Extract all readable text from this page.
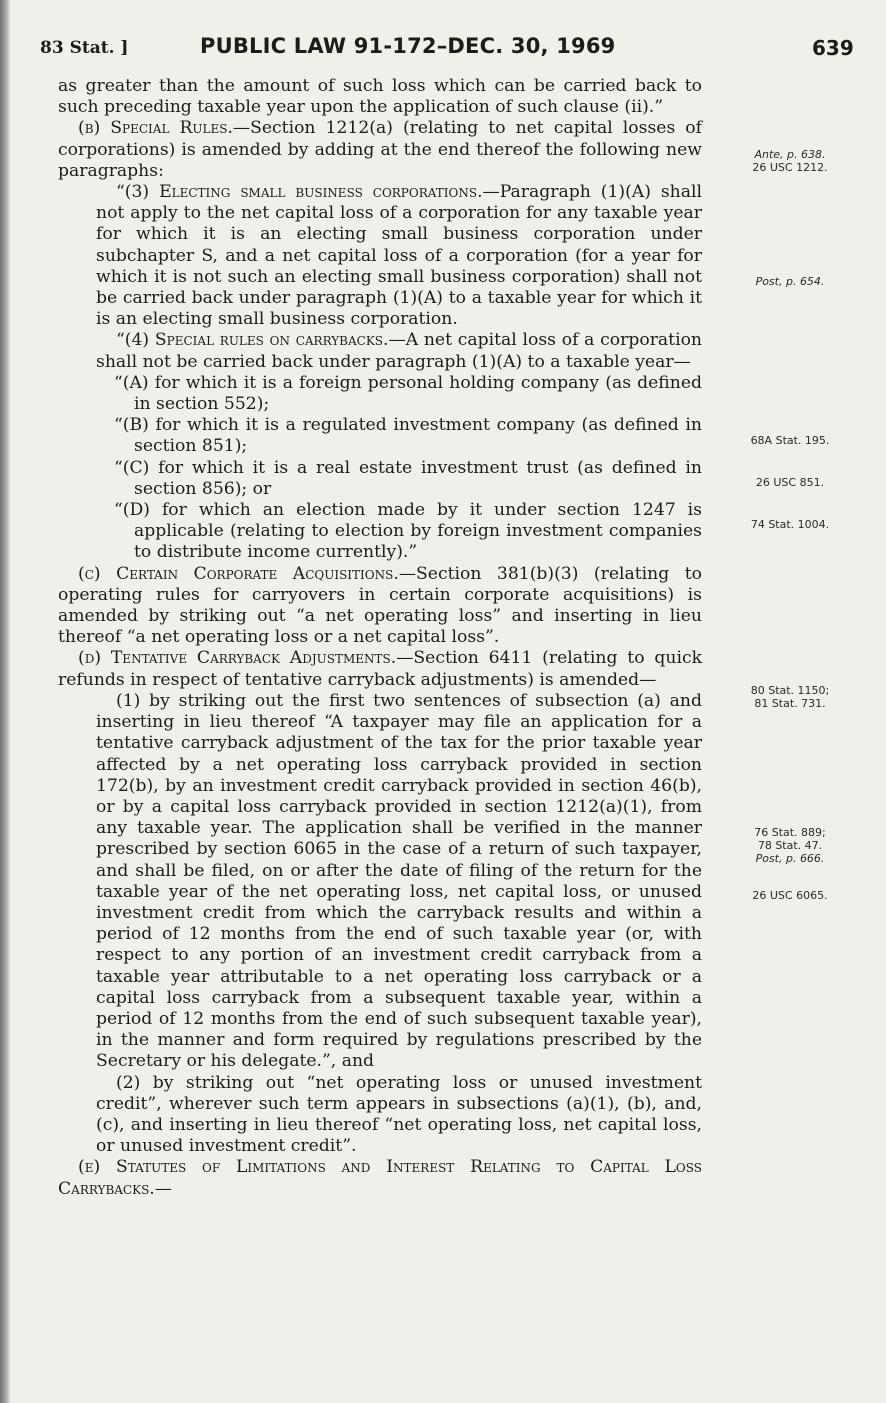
83 Stat. ]	PUBLIC LAW 91-172–DEC. 30, 1969	639

as greater than the amount of such loss which can be carried back to such preceding taxable year upon the application of such clause (ii).”

(b) Special Rules.—Section 1212(a) (relating to net capital losses of corporations) is amended by adding at the end thereof the following new paragraphs:

“(3) Electing small business corporations.—Paragraph (1)(A) shall not apply to the net capital loss of a corporation for any taxable year for which it is an electing small business corporation under subchapter S, and a net capital loss of a corporation (for a year for which it is not such an electing small business corporation) shall not be carried back under paragraph (1)(A) to a taxable year for which it is an electing small business corporation.

“(4) Special rules on carrybacks.—A net capital loss of a corporation shall not be carried back under paragraph (1)(A) to a taxable year—

“(A) for which it is a foreign personal holding company (as defined in section 552);

“(B) for which it is a regulated investment company (as defined in section 851);

“(C) for which it is a real estate investment trust (as defined in section 856); or

“(D) for which an election made by it under section 1247 is applicable (relating to election by foreign investment companies to distribute income currently).”

(c) Certain Corporate Acquisitions.—Section 381(b)(3) (relating to operating rules for carryovers in certain corporate acquisitions) is amended by striking out “a net operating loss” and inserting in lieu thereof “a net operating loss or a net capital loss”.

(d) Tentative Carryback Adjustments.—Section 6411 (relating to quick refunds in respect of tentative carryback adjustments) is amended—

(1) by striking out the first two sentences of subsection (a) and inserting in lieu thereof “A taxpayer may file an application for a tentative carryback adjustment of the tax for the prior taxable year affected by a net operating loss carryback provided in section 172(b), by an investment credit carryback provided in section 46(b), or by a capital loss carryback provided in section 1212(a)(1), from any taxable year. The application shall be verified in the manner prescribed by section 6065 in the case of a return of such taxpayer, and shall be filed, on or after the date of filing of the return for the taxable year of the net operating loss, net capital loss, or unused investment credit from which the carryback results and within a period of 12 months from the end of such taxable year (or, with respect to any portion of an investment credit carryback from a taxable year attributable to a net operating loss carryback or a capital loss carryback from a subsequent taxable year, within a period of 12 months from the end of such subsequent taxable year), in the manner and form required by regulations prescribed by the Secretary or his delegate.”, and

(2) by striking out “net operating loss or unused investment credit”, wherever such term appears in subsections (a)(1), (b), and, (c), and inserting in lieu thereof “net operating loss, net capital loss, or unused investment credit”.

(e) Statutes of Limitations and Interest Relating to Capital Loss Carrybacks.—

Ante, p. 638.
26 USC 1212.
Post, p. 654.
68A Stat. 195.
26 USC 851.
74 Stat. 1004.
80 Stat. 1150;
81 Stat. 731.
76 Stat. 889;
78 Stat. 47.
Post, p. 666.
26 USC 6065.
